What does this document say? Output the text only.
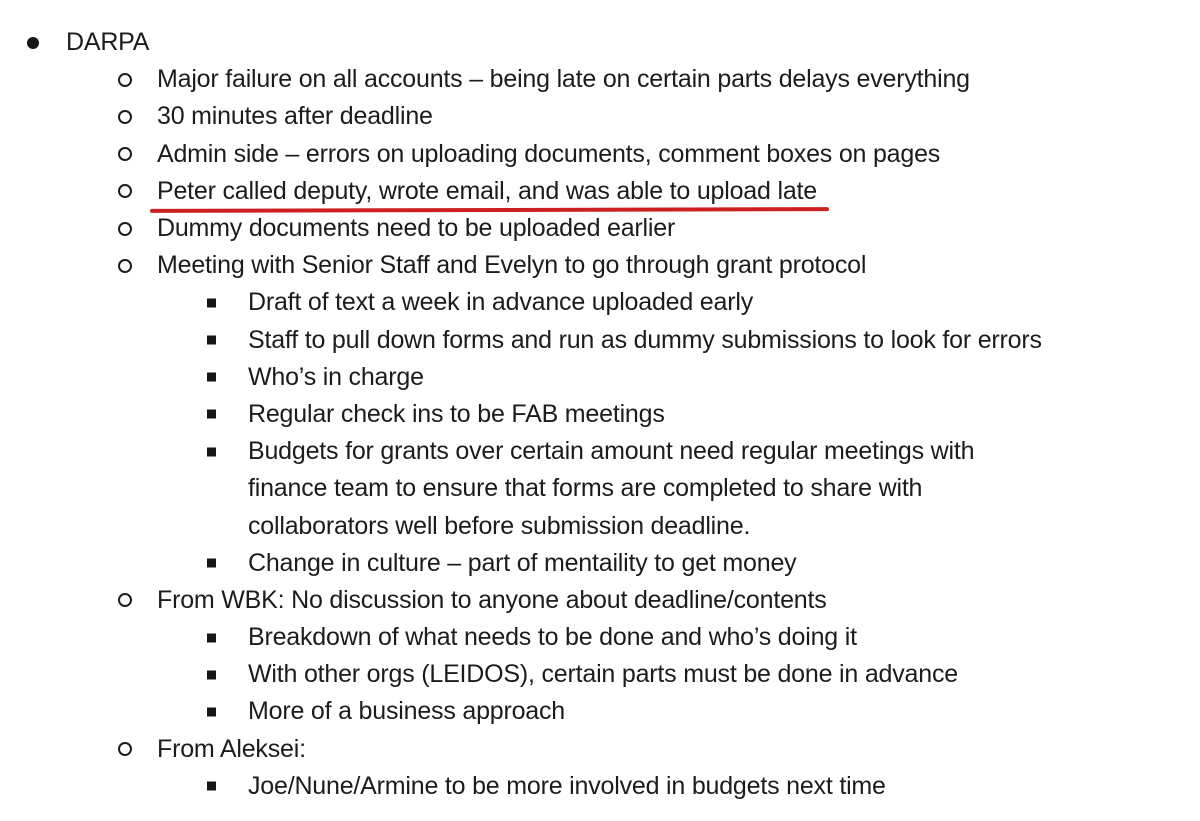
DARPA
Major failure on all accounts – being late on certain parts delays everything
30 minutes after deadline
Admin side – errors on uploading documents, comment boxes on pages
Peter called deputy, wrote email, and was able to upload late
Dummy documents need to be uploaded earlier
Meeting with Senior Staff and Evelyn to go through grant protocol
Draft of text a week in advance uploaded early
Staff to pull down forms and run as dummy submissions to look for errors
Who’s in charge
Regular check ins to be FAB meetings
Budgets for grants over certain amount need regular meetings with
finance team to ensure that forms are completed to share with
collaborators well before submission deadline.
Change in culture – part of mentaility to get money
From WBK: No discussion to anyone about deadline/contents
Breakdown of what needs to be done and who’s doing it
With other orgs (LEIDOS), certain parts must be done in advance
More of a business approach
From Aleksei:
Joe/Nune/Armine to be more involved in budgets next time
